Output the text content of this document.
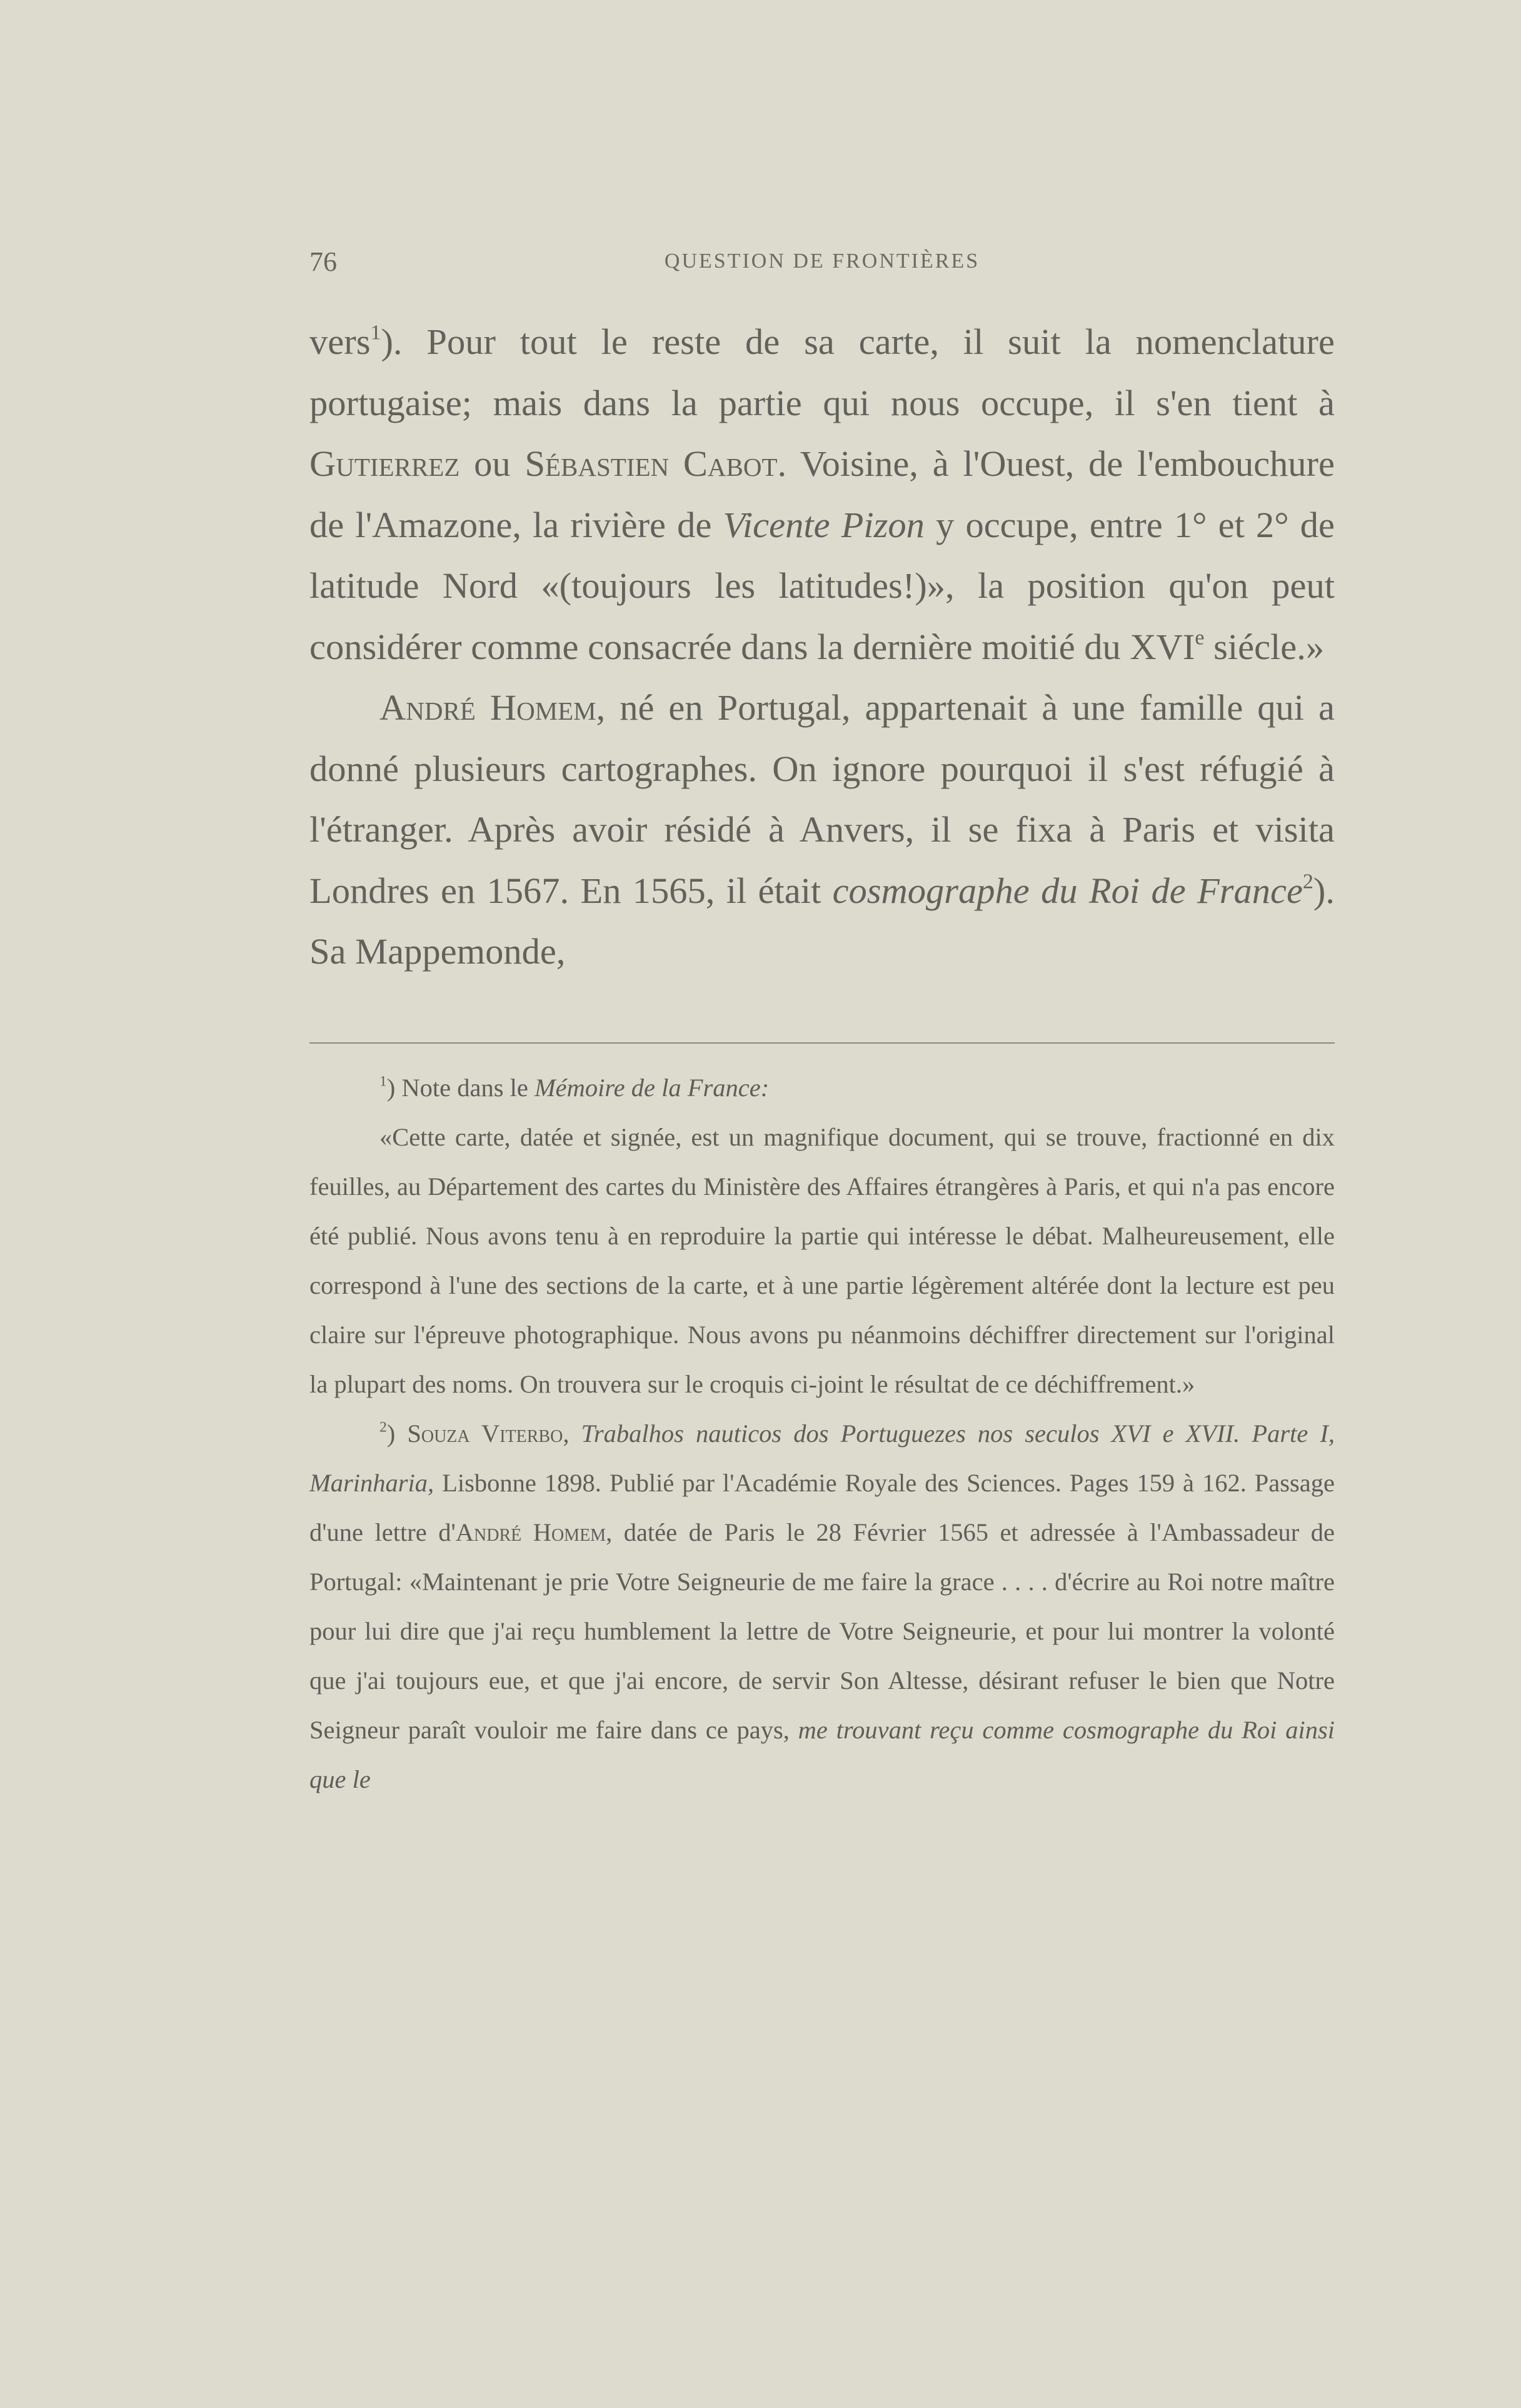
76	QUESTION DE FRONTIÈRES

vers$^1$). Pour tout le reste de sa carte, il suit la nomenclature portugaise; mais dans la partie qui nous occupe, il s'en tient à Gutierrez ou Sébastien Cabot. Voisine, à l'Ouest, de l'embouchure de l'Amazone, la rivière de Vicente Pizon y occupe, entre 1° et 2° de latitude Nord «(toujours les latitudes!)», la position qu'on peut considérer comme consacrée dans la dernière moitié du XVIe siécle.»

André Homem, né en Portugal, appartenait à une famille qui a donné plusieurs cartographes. On ignore pourquoi il s'est réfugié à l'étranger. Après avoir résidé à Anvers, il se fixa à Paris et visita Londres en 1567. En 1565, il était cosmographe du Roi de France$^2$). Sa Mappemonde,

$^1$) Note dans le Mémoire de la France:

«Cette carte, datée et signée, est un magnifique document, qui se trouve, fractionné en dix feuilles, au Département des cartes du Ministère des Affaires étrangères à Paris, et qui n'a pas encore été publié. Nous avons tenu à en reproduire la partie qui intéresse le débat. Malheureusement, elle correspond à l'une des sections de la carte, et à une partie légèrement altérée dont la lecture est peu claire sur l'épreuve photographique. Nous avons pu néanmoins déchiffrer directement sur l'original la plupart des noms. On trouvera sur le croquis ci-joint le résultat de ce déchiffrement.»

$^2$) Souza Viterbo, Trabalhos nauticos dos Portuguezes nos seculos XVI e XVII. Parte I, Marinharia, Lisbonne 1898. Publié par l'Académie Royale des Sciences. Pages 159 à 162. Passage d'une lettre d'André Homem, datée de Paris le 28 Février 1565 et adressée à l'Ambassadeur de Portugal: «Maintenant je prie Votre Seigneurie de me faire la grace . . . . d'écrire au Roi notre maître pour lui dire que j'ai reçu humblement la lettre de Votre Seigneurie, et pour lui montrer la volonté que j'ai toujours eue, et que j'ai encore, de servir Son Altesse, désirant refuser le bien que Notre Seigneur paraît vouloir me faire dans ce pays, me trouvant reçu comme cosmographe du Roi ainsi que le
